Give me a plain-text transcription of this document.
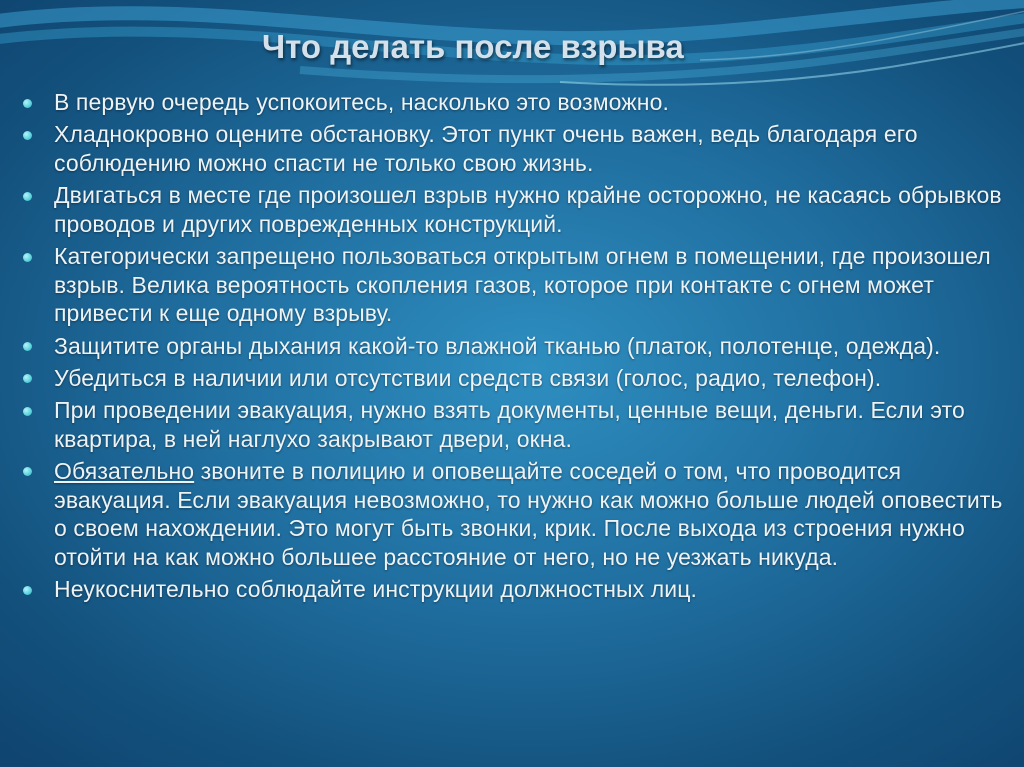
Что делать после взрыва
В первую очередь успокоитесь, насколько это возможно.
Хладнокровно оцените обстановку. Этот пункт очень важен, ведь благодаря его соблюдению можно спасти не только свою жизнь.
Двигаться в месте где произошел взрыв нужно крайне осторожно, не касаясь обрывков проводов и других поврежденных конструкций.
Категорически запрещено пользоваться открытым огнем в помещении, где произошел взрыв. Велика вероятность скопления газов, которое при контакте с огнем может привести к еще одному взрыву.
Защитите органы дыхания какой-то влажной тканью (платок, полотенце, одежда).
Убедиться в наличии или отсутствии средств связи (голос, радио, телефон).
При проведении эвакуация, нужно взять документы, ценные вещи, деньги. Если это квартира, в ней наглухо закрывают двери, окна.
Обязательно звоните в полицию и оповещайте соседей о том, что проводится эвакуация. Если эвакуация невозможно, то нужно как можно больше людей оповестить о своем нахождении. Это могут быть звонки, крик. После выхода из строения нужно отойти на как можно большее расстояние от него, но не уезжать никуда.
Неукоснительно соблюдайте инструкции должностных лиц.
